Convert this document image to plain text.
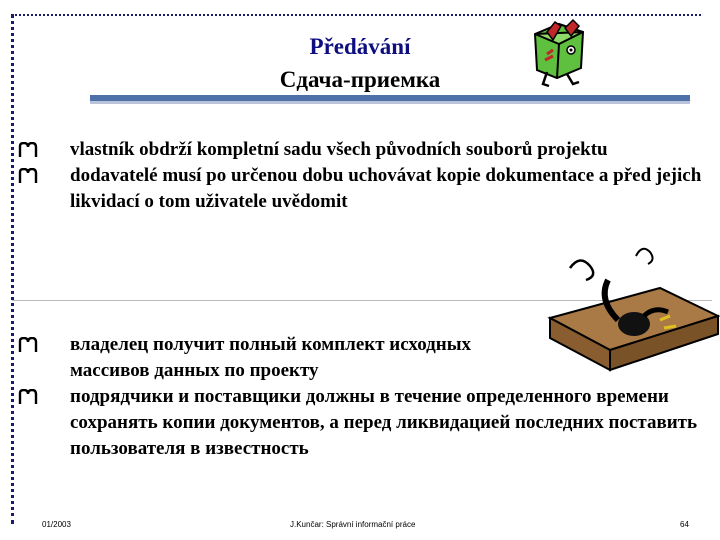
Předávání
Сдача-приемка
vlastník obdrží kompletní sadu všech původních souborů projektu
dodavatelé musí po určenou dobu uchovávat kopie dokumentace a před jejich likvidací o tom uživatele uvědomit
владелец получит полный комплект исходных массивов данных по проекту
подрядчики и поставщики должны в течение определенного времени сохранять копии документов, а перед ликвидацией последних поставить пользователя в известность
01/2003	J.Kunčar: Správní informační práce	64
